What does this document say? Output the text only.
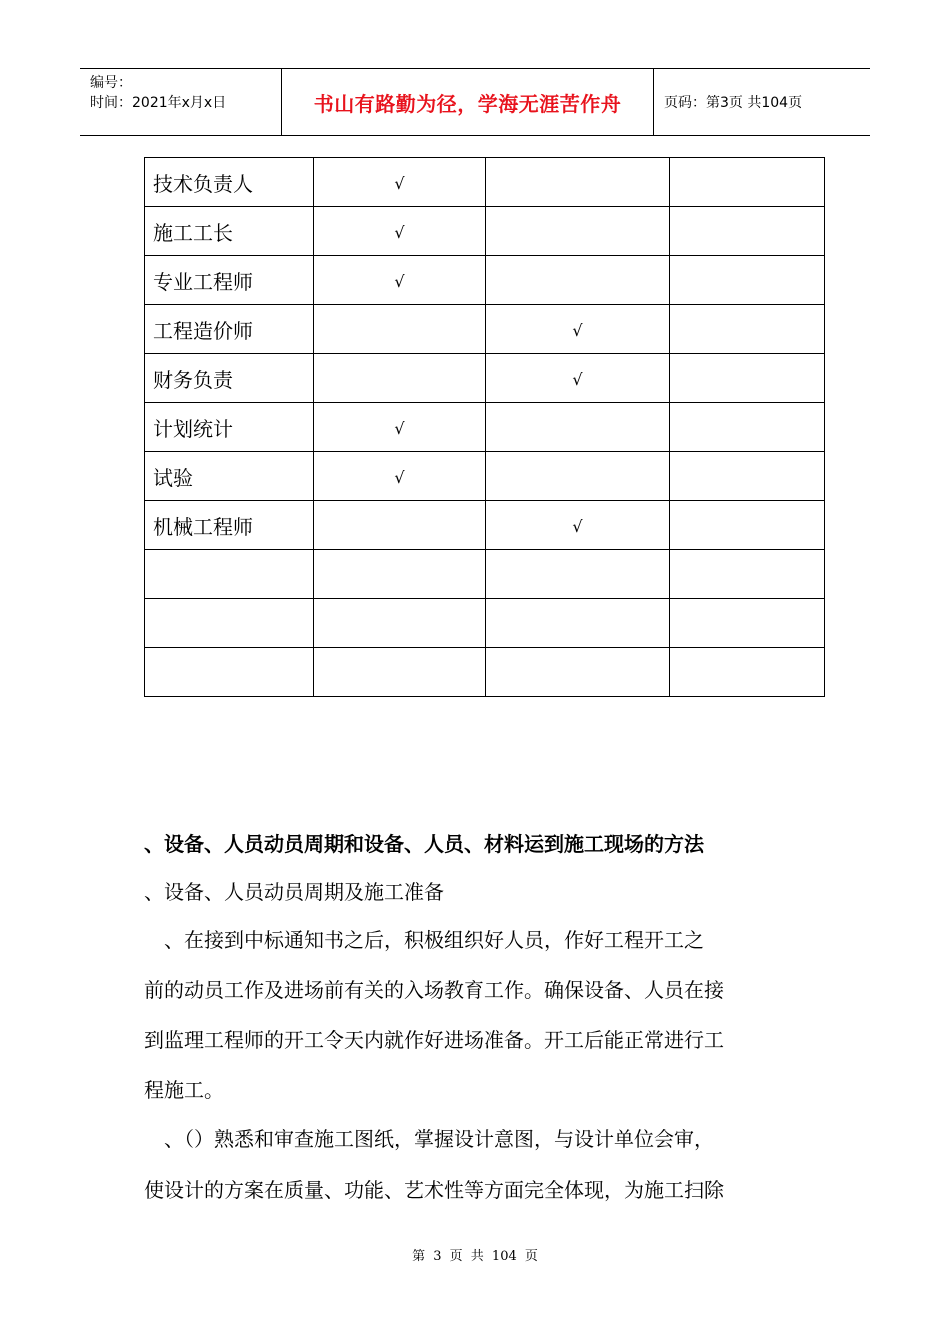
编号：
时间：2021年x月x日	书山有路勤为径，学海无涯苦作舟	页码：第3页 共104页
技术负责人	√		
施工工长	√		
专业工程师	√		
工程造价师		√	
财务负责		√	
计划统计	√		
试验	√		
机械工程师		√	

、设备、人员动员周期和设备、人员、材料运到施工现场的方法
、设备、人员动员周期及施工准备
　、在接到中标通知书之后，积极组织好人员，作好工程开工之
前的动员工作及进场前有关的入场教育工作。确保设备、人员在接
到监理工程师的开工令天内就作好进场准备。开工后能正常进行工
程施工。
　、（）熟悉和审查施工图纸，掌握设计意图，与设计单位会审，
使设计的方案在质量、功能、艺术性等方面完全体现，为施工扫除
第 3 页 共 104 页
